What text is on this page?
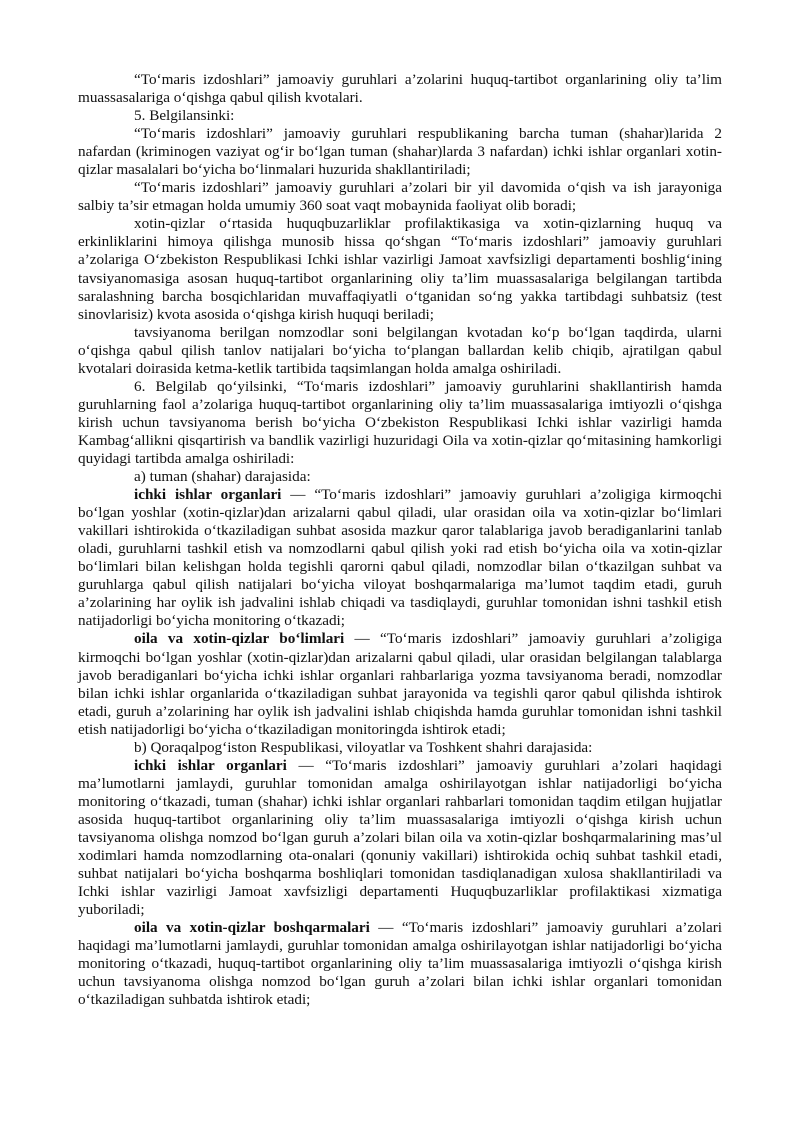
“To‘maris izdoshlari” jamoaviy guruhlari a’zolarini huquq-tartibot organlarining oliy ta’lim muassasalariga o‘qishga qabul qilish kvotalari.

5. Belgilansinki:

“To‘maris izdoshlari” jamoaviy guruhlari respublikaning barcha tuman (shahar)larida 2 nafardan (kriminogen vaziyat og‘ir bo‘lgan tuman (shahar)larda 3 nafardan) ichki ishlar organlari xotin-qizlar masalalari bo‘yicha bo‘linmalari huzurida shakllantiriladi;

“To‘maris izdoshlari” jamoaviy guruhlari a’zolari bir yil davomida o‘qish va ish jarayoniga salbiy ta’sir etmagan holda umumiy 360 soat vaqt mobaynida faoliyat olib boradi;

xotin-qizlar o‘rtasida huquqbuzarliklar profilaktikasiga va xotin-qizlarning huquq va erkinliklarini himoya qilishga munosib hissa qo‘shgan “To‘maris izdoshlari” jamoaviy guruhlari a’zolariga O‘zbekiston Respublikasi Ichki ishlar vazirligi Jamoat xavfsizligi departamenti boshlig‘ining tavsiyanomasiga asosan huquq-tartibot organlarining oliy ta’lim muassasalariga belgilangan tartibda saralashning barcha bosqichlaridan muvaffaqiyatli o‘tganidan so‘ng yakka tartibdagi suhbatsiz (test sinovlarisiz) kvota asosida o‘qishga kirish huquqi beriladi;

tavsiyanoma berilgan nomzodlar soni belgilangan kvotadan ko‘p bo‘lgan taqdirda, ularni o‘qishga qabul qilish tanlov natijalari bo‘yicha to‘plangan ballardan kelib chiqib, ajratilgan qabul kvotalari doirasida ketma-ketlik tartibida taqsimlangan holda amalga oshiriladi.

6. Belgilab qo‘yilsinki, “To‘maris izdoshlari” jamoaviy guruhlarini shakllantirish hamda guruhlarning faol a’zolariga huquq-tartibot organlarining oliy ta’lim muassasalariga imtiyozli o‘qishga kirish uchun tavsiyanoma berish bo‘yicha O‘zbekiston Respublikasi Ichki ishlar vazirligi hamda Kambag‘allikni qisqartirish va bandlik vazirligi huzuridagi Oila va xotin-qizlar qo‘mitasining hamkorligi quyidagi tartibda amalga oshiriladi:

a) tuman (shahar) darajasida:

ichki ishlar organlari — “To‘maris izdoshlari” jamoaviy guruhlari a’zoligiga kirmoqchi bo‘lgan yoshlar (xotin-qizlar)dan arizalarni qabul qiladi, ular orasidan oila va xotin-qizlar bo‘limlari vakillari ishtirokida o‘tkaziladigan suhbat asosida mazkur qaror talablariga javob beradiganlarini tanlab oladi, guruhlarni tashkil etish va nomzodlarni qabul qilish yoki rad etish bo‘yicha oila va xotin-qizlar bo‘limlari bilan kelishgan holda tegishli qarorni qabul qiladi, nomzodlar bilan o‘tkazilgan suhbat va guruhlarga qabul qilish natijalari bo‘yicha viloyat boshqarmalariga ma’lumot taqdim etadi, guruh a’zolarining har oylik ish jadvalini ishlab chiqadi va tasdiqlaydi, guruhlar tomonidan ishni tashkil etish natijadorligi bo‘yicha monitoring o‘tkazadi;

oila va xotin-qizlar bo‘limlari — “To‘maris izdoshlari” jamoaviy guruhlari a’zoligiga kirmoqchi bo‘lgan yoshlar (xotin-qizlar)dan arizalarni qabul qiladi, ular orasidan belgilangan talablarga javob beradiganlari bo‘yicha ichki ishlar organlari rahbarlariga yozma tavsiyanoma beradi, nomzodlar bilan ichki ishlar organlarida o‘tkaziladigan suhbat jarayonida va tegishli qaror qabul qilishda ishtirok etadi, guruh a’zolarining har oylik ish jadvalini ishlab chiqishda hamda guruhlar tomonidan ishni tashkil etish natijadorligi bo‘yicha o‘tkaziladigan monitoringda ishtirok etadi;

b) Qoraqalpog‘iston Respublikasi, viloyatlar va Toshkent shahri darajasida:

ichki ishlar organlari — “To‘maris izdoshlari” jamoaviy guruhlari a’zolari haqidagi ma’lumotlarni jamlaydi, guruhlar tomonidan amalga oshirilayotgan ishlar natijadorligi bo‘yicha monitoring o‘tkazadi, tuman (shahar) ichki ishlar organlari rahbarlari tomonidan taqdim etilgan hujjatlar asosida huquq-tartibot organlarining oliy ta’lim muassasalariga imtiyozli o‘qishga kirish uchun tavsiyanoma olishga nomzod bo‘lgan guruh a’zolari bilan oila va xotin-qizlar boshqarmalarining mas’ul xodimlari hamda nomzodlarning ota-onalari (qonuniy vakillari) ishtirokida ochiq suhbat tashkil etadi, suhbat natijalari bo‘yicha boshqarma boshliqlari tomonidan tasdiqlanadigan xulosa shakllantiriladi va Ichki ishlar vazirligi Jamoat xavfsizligi departamenti Huquqbuzarliklar profilaktikasi xizmatiga yuboriladi;

oila va xotin-qizlar boshqarmalari — “To‘maris izdoshlari” jamoaviy guruhlari a’zolari haqidagi ma’lumotlarni jamlaydi, guruhlar tomonidan amalga oshirilayotgan ishlar natijadorligi bo‘yicha monitoring o‘tkazadi, huquq-tartibot organlarining oliy ta’lim muassasalariga imtiyozli o‘qishga kirish uchun tavsiyanoma olishga nomzod bo‘lgan guruh a’zolari bilan ichki ishlar organlari tomonidan o‘tkaziladigan suhbatda ishtirok etadi;
